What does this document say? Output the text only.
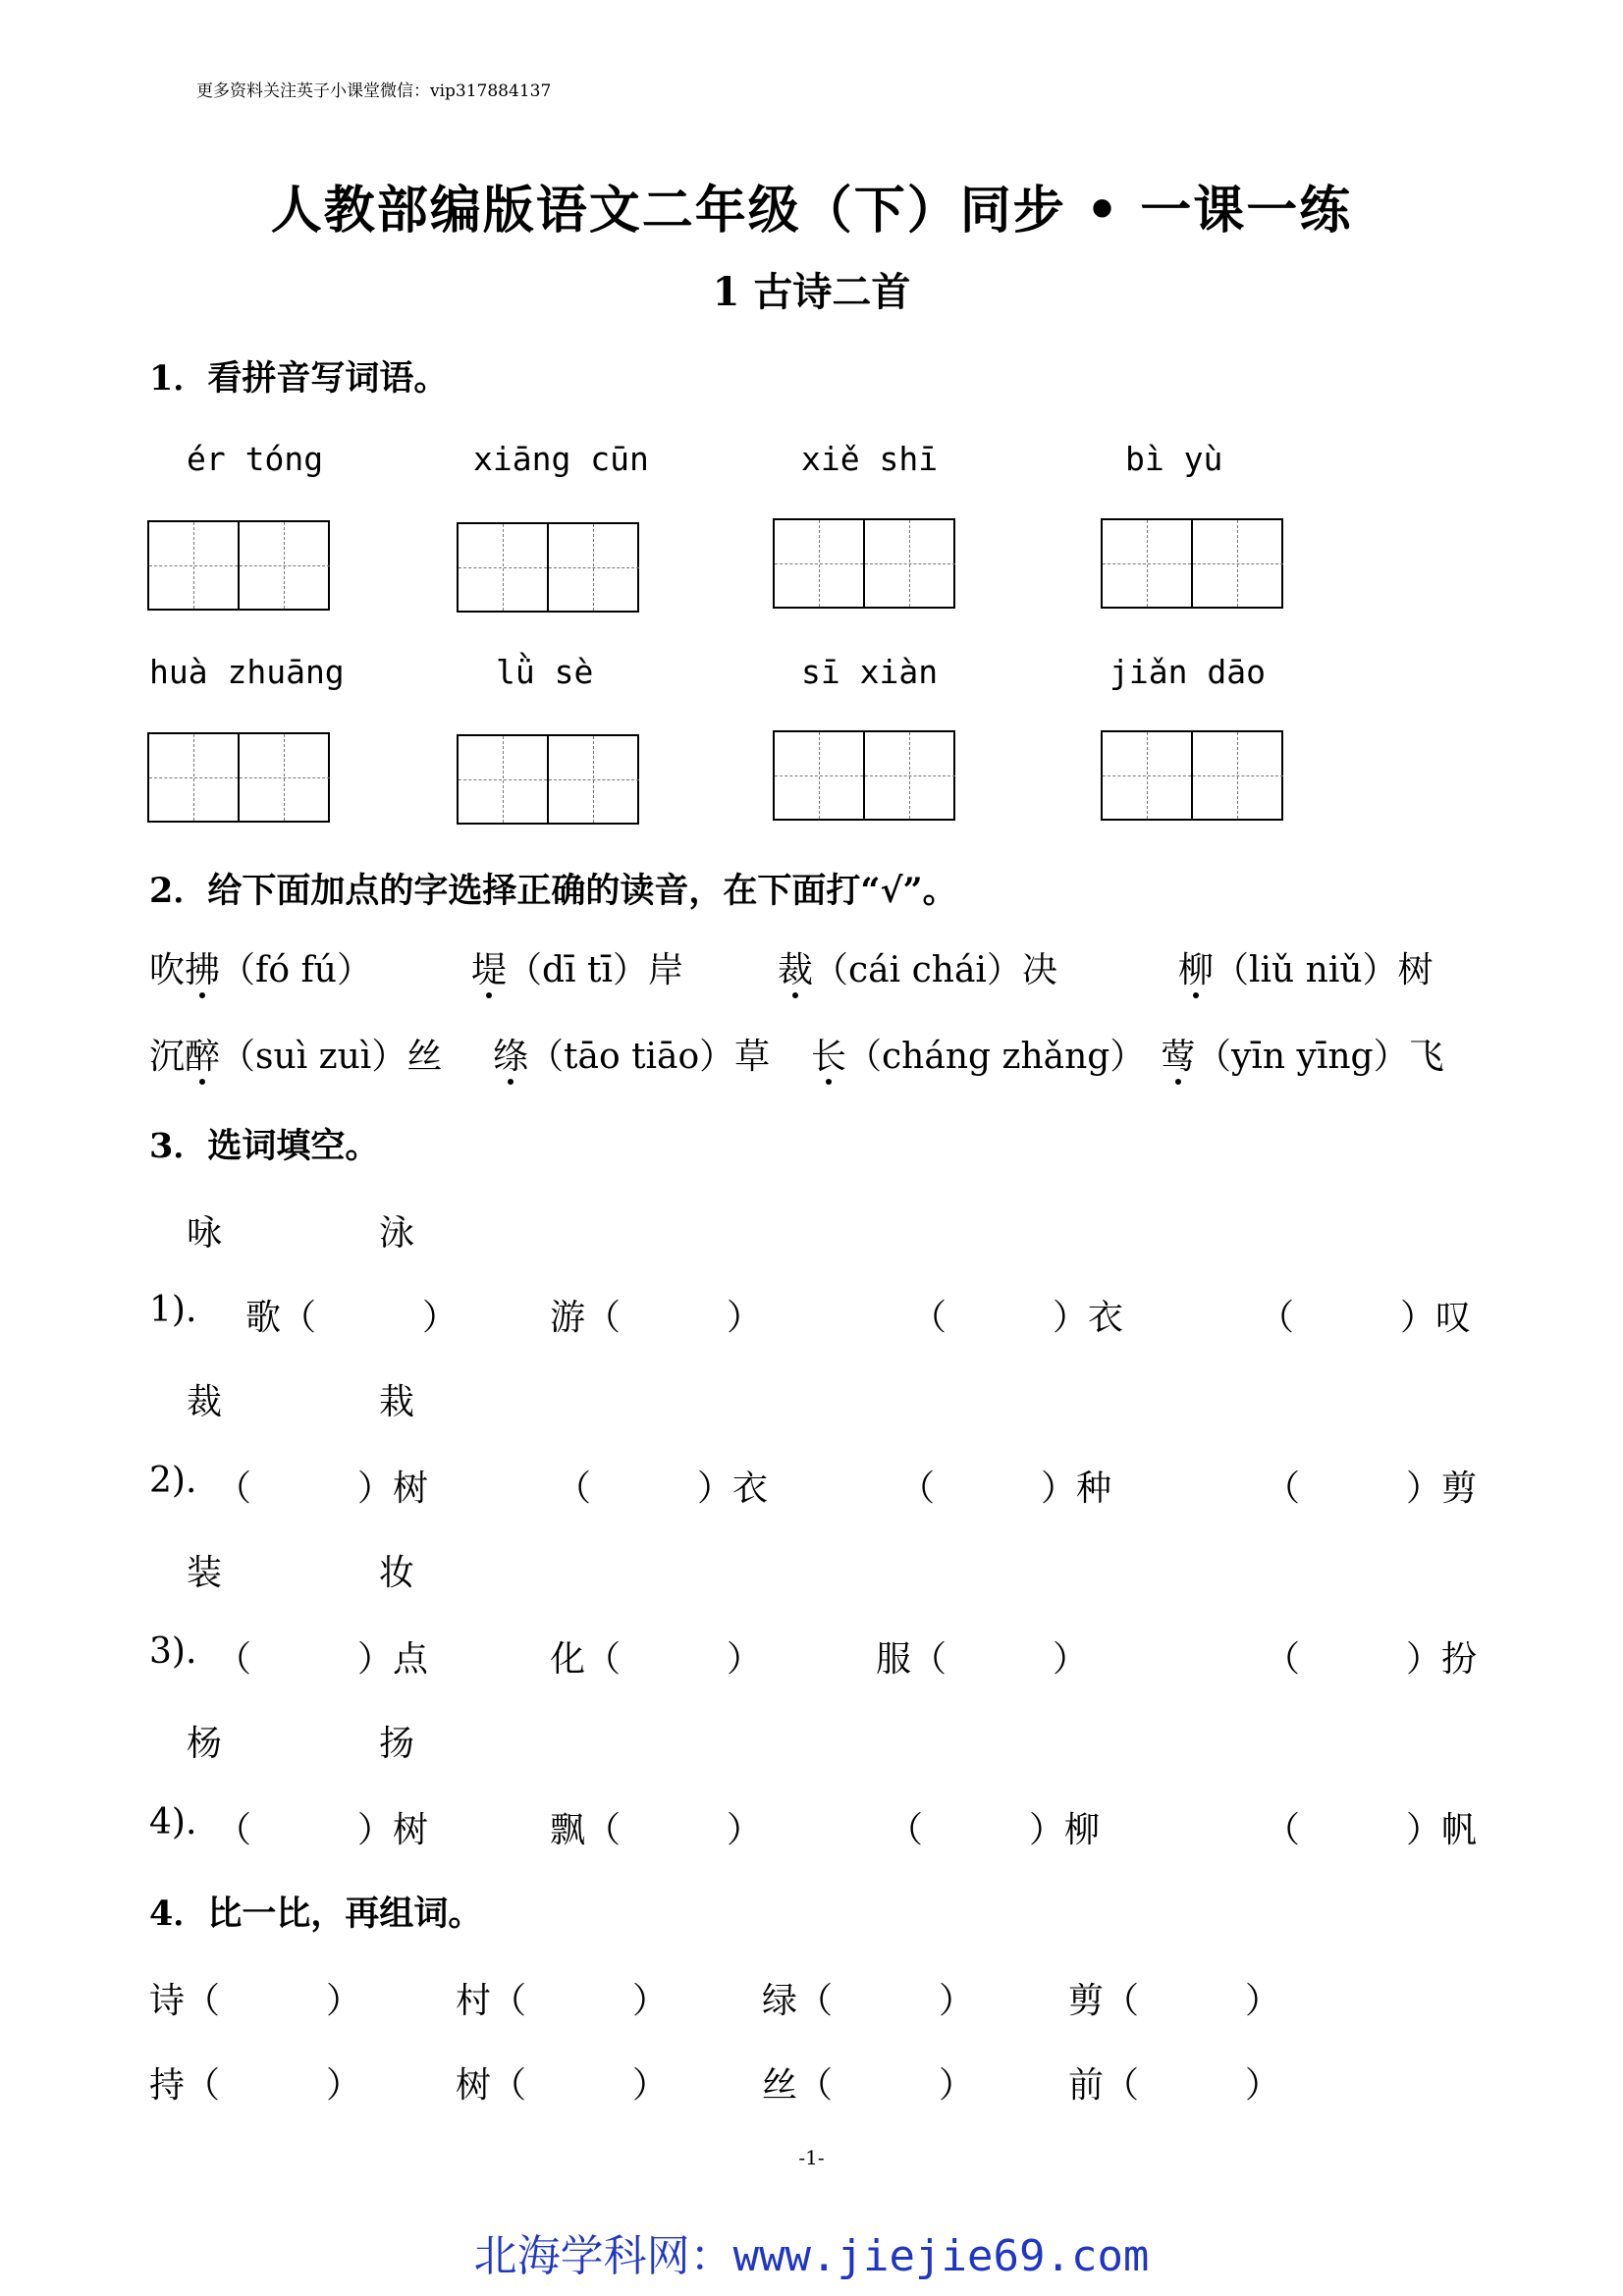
更多资料关注英子小课堂微信：vip317884137
人教部编版语文二年级（下）同步 • 一课一练
1 古诗二首
1．看拼音写词语。
ér tóng	xiāng cūn	xiě shī	bì yù
huà zhuāng	lǜ sè	sī xiàn	jiǎn dāo
2．给下面加点的字选择正确的读音，在下面打“√”。
吹拂（fó fú）	堤（dī tī）岸	裁（cái chái）决	柳（liǔ niǔ）树
沉醉（suì zuì）丝 绦（tāo tiāo）草 长（cháng zhǎng） 莺（yīn yīng）飞
3．选词填空。
咏	泳
1). 歌（　　　）	游（　　　）	（　　　）衣	（　　　）叹
裁	栽
2). （　　　）树	（　　　）衣	（　　　）种	（　　　）剪
装	妆
3). （　　　）点	化（　　　）	服（　　　）	（　　　）扮
杨	扬
4). （　　　）树	飘（　　　）	（　　　）柳	（　　　）帆
4．比一比，再组词。
诗（　　　）	村（　　　）	绿（　　　）	剪（　　　）
持（　　　）	树（　　　）	丝（　　　）	前（　　　）
-1-
北海学科网：www.jiejie69.com
